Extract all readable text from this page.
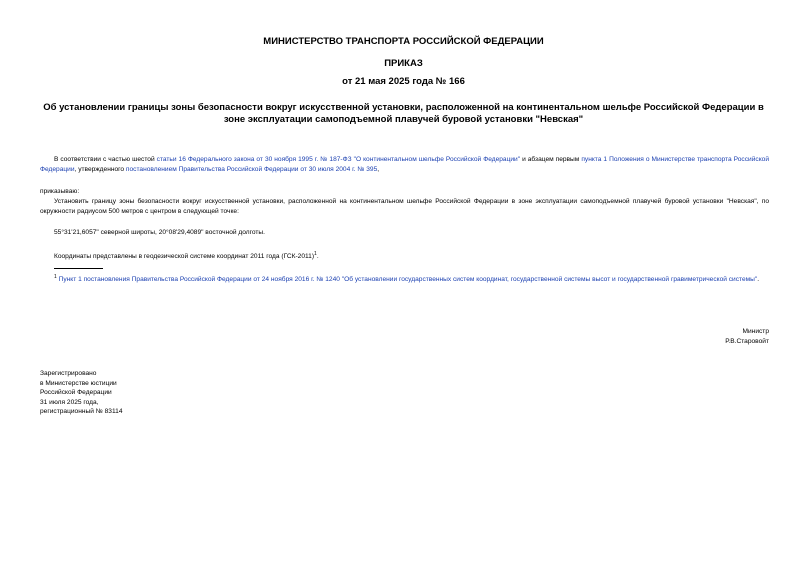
МИНИСТЕРСТВО ТРАНСПОРТА РОССИЙСКОЙ ФЕДЕРАЦИИ
ПРИКАЗ
от 21 мая 2025 года № 166
Об установлении границы зоны безопасности вокруг искусственной установки, расположенной на континентальном шельфе Российской Федерации в зоне эксплуатации самоподъемной плавучей буровой установки "Невская"
В соответствии с частью шестой статьи 16 Федерального закона от 30 ноября 1995 г. № 187-ФЗ "О континентальном шельфе Российской Федерации" и абзацем первым пункта 1 Положения о Министерстве транспорта Российской Федерации, утвержденного постановлением Правительства Российской Федерации от 30 июля 2004 г. № 395,
приказываю:
Установить границу зоны безопасности вокруг искусственной установки, расположенной на континентальном шельфе Российской Федерации в зоне эксплуатации самоподъемной плавучей буровой установки "Невская", по окружности радиусом 500 метров с центром в следующей точке:
55°31'21,6057" северной широты, 20°08'29,4089" восточной долготы.
Координаты представлены в геодезической системе координат 2011 года (ГСК-2011)$^1$.
$^1$ Пункт 1 постановления Правительства Российской Федерации от 24 ноября 2016 г. № 1240 "Об установлении государственных систем координат, государственной системы высот и государственной гравиметрической системы".
Министр
Р.В.Старовойт
Зарегистрировано
в Министерстве юстиции
Российской Федерации
31 июля 2025 года,
регистрационный № 83114
